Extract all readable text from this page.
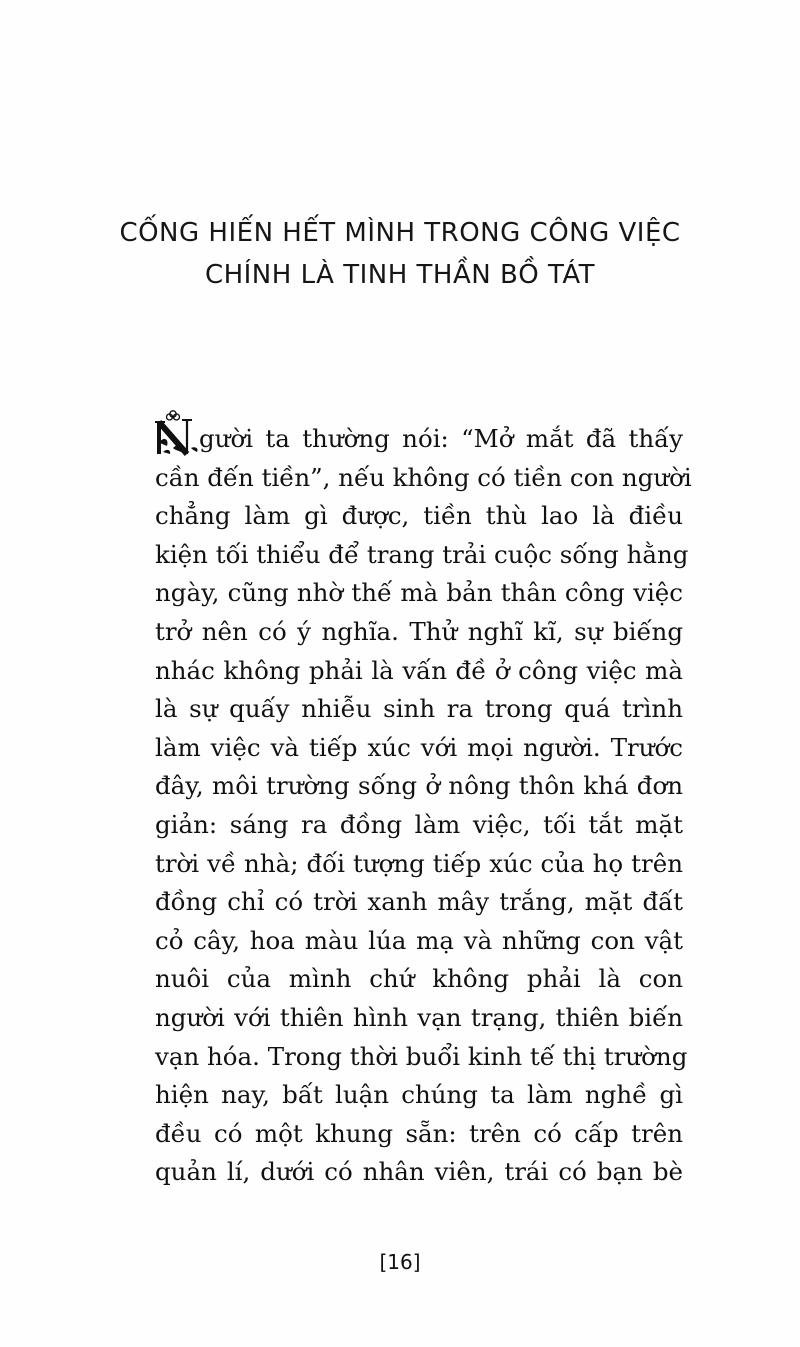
CỐNG HIẾN HẾT MÌNH TRONG CÔNG VIỆC
CHÍNH LÀ TINH THẦN BỒ TÁT
gười ta thường nói: “Mở mắt đã thấy
cần đến tiền”, nếu không có tiền con người
chẳng làm gì được, tiền thù lao là điều
kiện tối thiểu để trang trải cuộc sống hằng
ngày, cũng nhờ thế mà bản thân công việc
trở nên có ý nghĩa. Thử nghĩ kĩ, sự biếng
nhác không phải là vấn đề ở công việc mà
là sự quấy nhiễu sinh ra trong quá trình
làm việc và tiếp xúc với mọi người. Trước
đây, môi trường sống ở nông thôn khá đơn
giản: sáng ra đồng làm việc, tối tắt mặt
trời về nhà; đối tượng tiếp xúc của họ trên
đồng chỉ có trời xanh mây trắng, mặt đất
cỏ cây, hoa màu lúa mạ và những con vật
nuôi của mình chứ không phải là con
người với thiên hình vạn trạng, thiên biến
vạn hóa. Trong thời buổi kinh tế thị trường
hiện nay, bất luận chúng ta làm nghề gì
đều có một khung sẵn: trên có cấp trên
quản lí, dưới có nhân viên, trái có bạn bè
[16]
